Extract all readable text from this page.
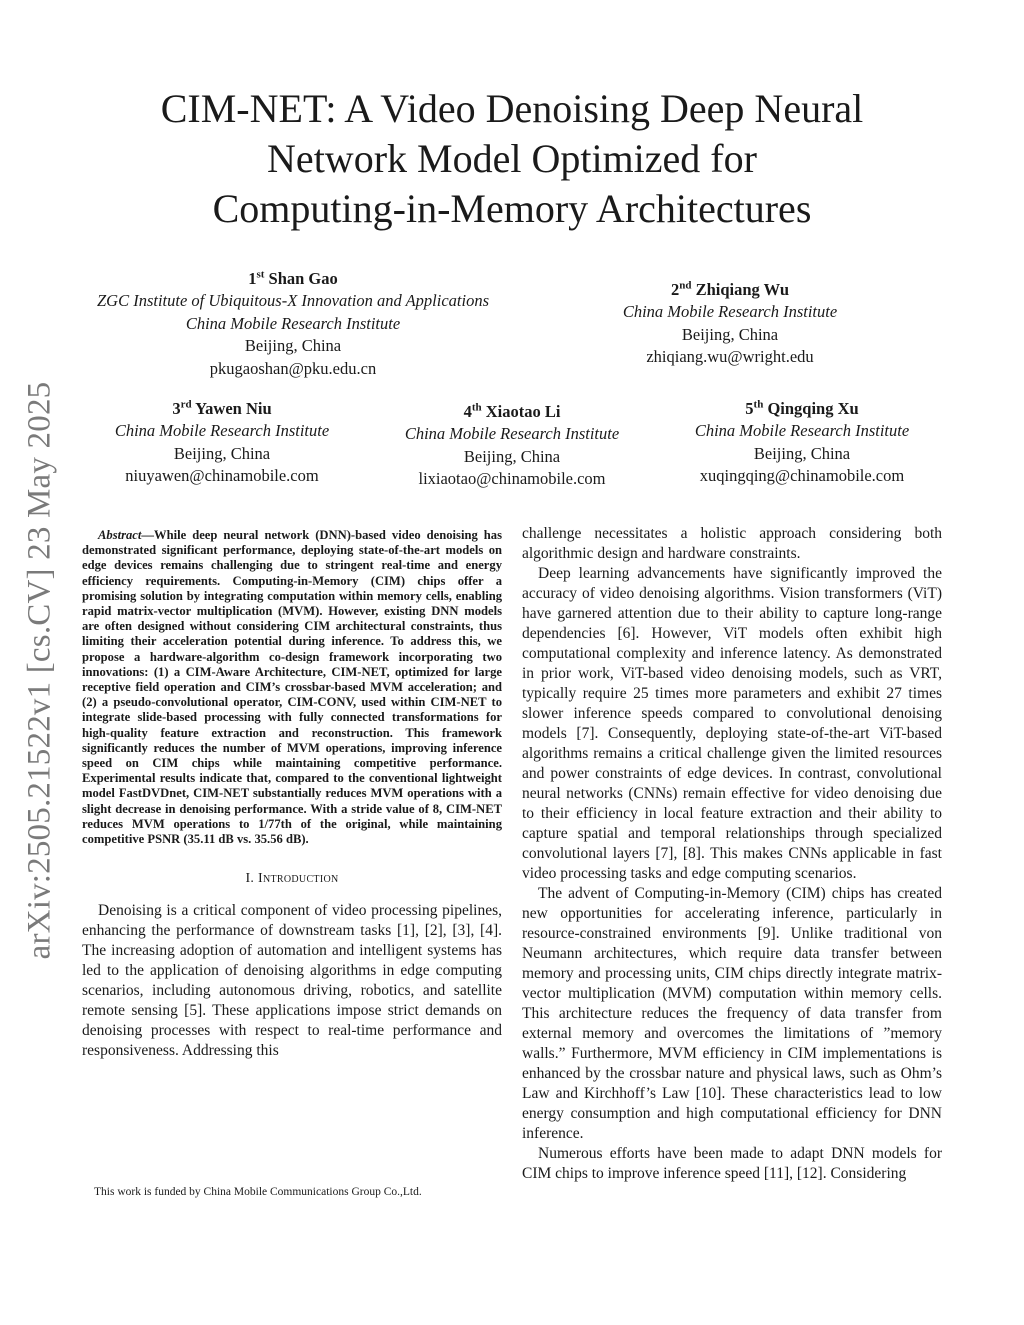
arXiv:2505.21522v1 [cs.CV] 23 May 2025
CIM-NET: A Video Denoising Deep Neural
Network Model Optimized for
Computing-in-Memory Architectures
1st Shan Gao
ZGC Institute of Ubiquitous-X Innovation and Applications
China Mobile Research Institute
Beijing, China
pkugaoshan@pku.edu.cn
2nd Zhiqiang Wu
China Mobile Research Institute
Beijing, China
zhiqiang.wu@wright.edu
3rd Yawen Niu
China Mobile Research Institute
Beijing, China
niuyawen@chinamobile.com
4th Xiaotao Li
China Mobile Research Institute
Beijing, China
lixiaotao@chinamobile.com
5th Qingqing Xu
China Mobile Research Institute
Beijing, China
xuqingqing@chinamobile.com

Abstract—While deep neural network (DNN)-based video denoising has demonstrated significant performance, deploying state-of-the-art models on edge devices remains challenging due to stringent real-time and energy efficiency requirements. Computing-in-Memory (CIM) chips offer a promising solution by integrating computation within memory cells, enabling rapid matrix-vector multiplication (MVM). However, existing DNN models are often designed without considering CIM architectural constraints, thus limiting their acceleration potential during inference. To address this, we propose a hardware-algorithm co-design framework incorporating two innovations: (1) a CIM-Aware Architecture, CIM-NET, optimized for large receptive field operation and CIM’s crossbar-based MVM acceleration; and (2) a pseudo-convolutional operator, CIM-CONV, used within CIM-NET to integrate slide-based processing with fully connected transformations for high-quality feature extraction and reconstruction. This framework significantly reduces the number of MVM operations, improving inference speed on CIM chips while maintaining competitive performance. Experimental results indicate that, compared to the conventional lightweight model FastDVDnet, CIM-NET substantially reduces MVM operations with a slight decrease in denoising performance. With a stride value of 8, CIM-NET reduces MVM operations to 1/77th of the original, while maintaining competitive PSNR (35.11 dB vs. 35.56 dB).

I. Introduction

Denoising is a critical component of video processing pipelines, enhancing the performance of downstream tasks [1], [2], [3], [4]. The increasing adoption of automation and intelligent systems has led to the application of denoising algorithms in edge computing scenarios, including autonomous driving, robotics, and satellite remote sensing [5]. These applications impose strict demands on denoising processes with respect to real-time performance and responsiveness. Addressing this

This work is funded by China Mobile Communications Group Co.,Ltd.

challenge necessitates a holistic approach considering both algorithmic design and hardware constraints.

Deep learning advancements have significantly improved the accuracy of video denoising algorithms. Vision transformers (ViT) have garnered attention due to their ability to capture long-range dependencies [6]. However, ViT models often exhibit high computational complexity and inference latency. As demonstrated in prior work, ViT-based video denoising models, such as VRT, typically require 25 times more parameters and exhibit 27 times slower inference speeds compared to convolutional denoising models [7]. Consequently, deploying state-of-the-art ViT-based algorithms remains a critical challenge given the limited resources and power constraints of edge devices. In contrast, convolutional neural networks (CNNs) remain effective for video denoising due to their efficiency in local feature extraction and their ability to capture spatial and temporal relationships through specialized convolutional layers [7], [8]. This makes CNNs applicable in fast video processing tasks and edge computing scenarios.

The advent of Computing-in-Memory (CIM) chips has created new opportunities for accelerating inference, particularly in resource-constrained environments [9]. Unlike traditional von Neumann architectures, which require data transfer between memory and processing units, CIM chips directly integrate matrix-vector multiplication (MVM) computation within memory cells. This architecture reduces the frequency of data transfer from external memory and overcomes the limitations of ”memory walls.” Furthermore, MVM efficiency in CIM implementations is enhanced by the crossbar nature and physical laws, such as Ohm’s Law and Kirchhoff’s Law [10]. These characteristics lead to low energy consumption and high computational efficiency for DNN inference.

Numerous efforts have been made to adapt DNN models for CIM chips to improve inference speed [11], [12]. Considering
